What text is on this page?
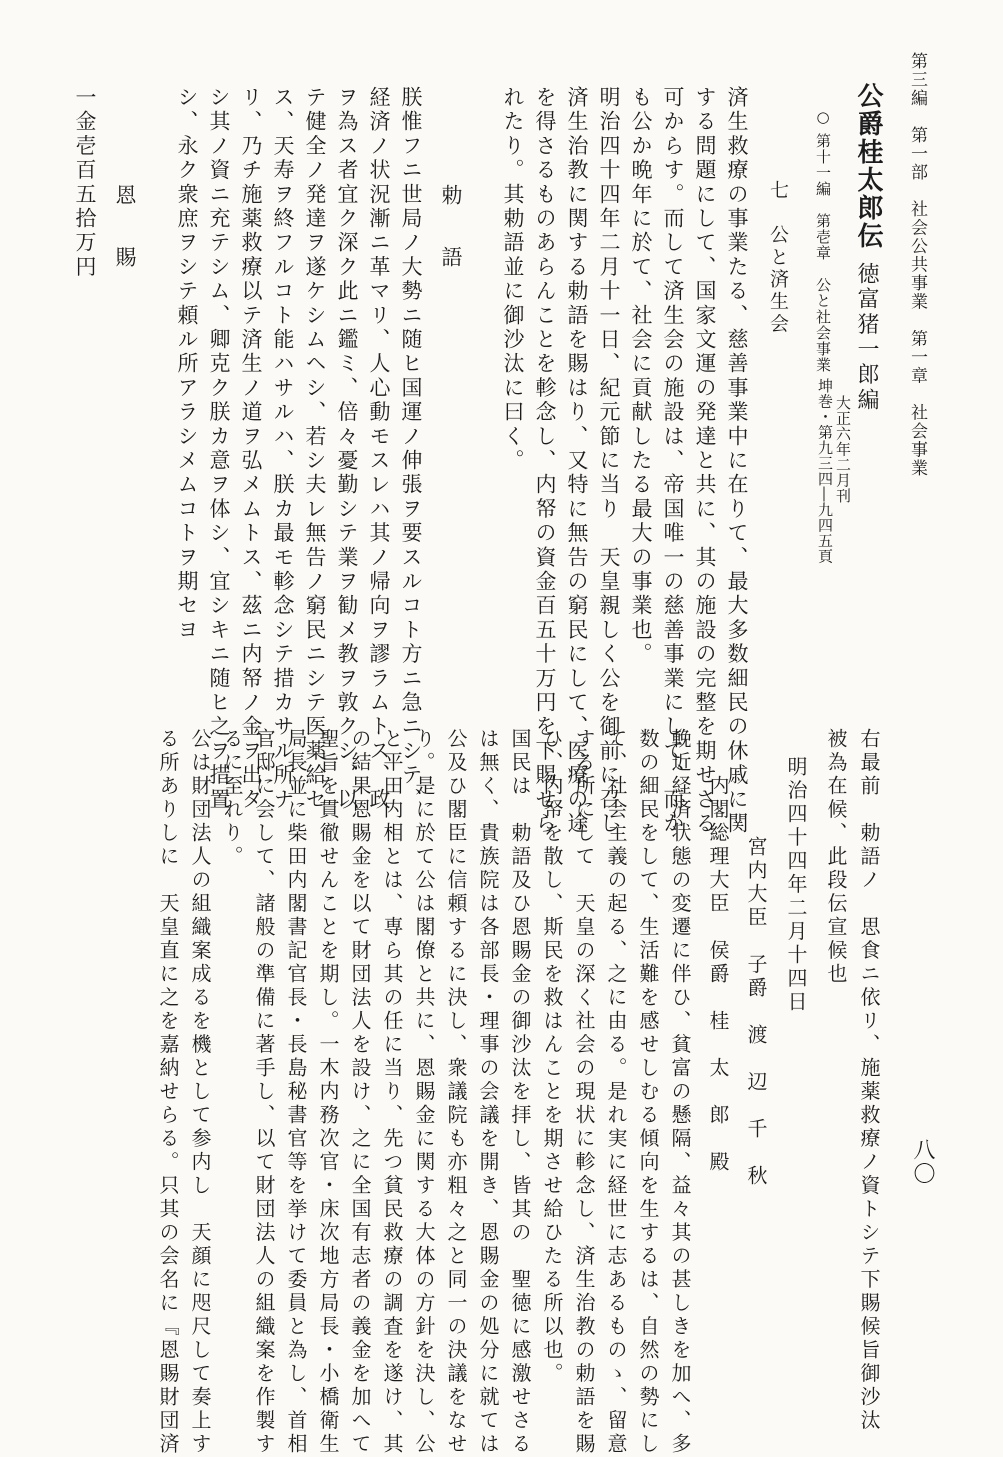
第三編　第一部　社会公共事業　第一章　社会事業
八〇
公爵桂太郎伝
徳富猪一郎編
坤巻・第九三四―九四五頁 大正六年二月刊
○ 第十一編　第壱章　公と社会事業
七　公と済生会
済生救療の事業たる、慈善事業中に在りて、最大多数細民の休戚に関
する問題にして、国家文運の発達と共に、其の施設の完整を期せさる
可からす。而して済生会の施設は、帝国唯一の慈善事業にして、而か
も公か晩年に於て、社会に貢献したる最大の事業也。
明治四十四年二月十一日、紀元節に当り　天皇親しく公を御前に召し
済生治教に関する勅語を賜はり、又特に無告の窮民にして、医療の途
を得さるものあらんことを軫念し、内帑の資金百五十万円を下賜せら
れたり。其勅語並に御沙汰に曰く。
勅　語
朕惟フニ世局ノ大勢ニ随ヒ国運ノ伸張ヲ要スルコト方ニ急ニシテ、
経済ノ状況漸ニ革マリ、人心動モスレハ其ノ帰向ヲ謬ラムトス、政
ヲ為ス者宜ク深ク此ニ鑑ミ、倍々憂勤シテ業ヲ勧メ教ヲ敦クシ、以
テ健全ノ発達ヲ遂ケシムヘシ、若シ夫レ無告ノ窮民ニシテ医薬給セ
ス、天寿ヲ終フルコト能ハサルハ、朕カ最モ軫念シテ措カサル所ナ
リ、乃チ施薬救療以テ済生ノ道ヲ弘メムトス、茲ニ内帑ノ金ヲ出タ
シ其ノ資ニ充テシム、卿克ク朕カ意ヲ体シ、宜シキニ随ヒ之ヲ措置
シ、永ク衆庶ヲシテ頼ル所アラシメムコトヲ期セヨ
恩　賜
一金壱百五拾万円
右最前　勅語ノ　思食ニ依リ、施薬救療ノ資トシテ下賜候旨御沙汰
被為在候、此段伝宣候也
明治四十四年二月十四日
宮内大臣　子爵　渡　辺　千　秋
内閣総理大臣　侯爵　桂　太　郎　殿
輓近経済状態の変遷に伴ひ、貧富の懸隔、益々其の甚しきを加へ、多
数の細民をして、生活難を感せしむる傾向を生するは、自然の勢にし
て、社会主義の起る、之に由る。是れ実に経世に志あるものゝ、留意
する所にして　天皇の深く社会の現状に軫念し、済生治教の勅語を賜
ひ、内帑を散し、斯民を救はんことを期させ給ひたる所以也。
国民は　勅語及ひ恩賜金の御沙汰を拝し、皆其の　聖徳に感激せさる
は無く、貴族院は各部長・理事の会議を開き、恩賜金の処分に就ては
公及ひ閣臣に信頼するに決し、衆議院も亦粗々之と同一の決議をなせ
り。是に於て公は閣僚と共に、恩賜金に関する大体の方針を決し、公
と平田内相とは、専ら其の任に当り、先つ貧民救療の調査を遂け、其
の結果恩賜金を以て財団法人を設け、之に全国有志者の義金を加へて
聖旨を貫徹せんことを期し。一木内務次官・床次地方局長・小橋衛生
局長並に柴田内閣書記官長・長島秘書官等を挙けて委員と為し、首相
官邸に会して、諸般の準備に著手し、以て財団法人の組織案を作製す
るに至れり。
公は財団法人の組織案成るを機として参内し　天顔に咫尺して奏上す
る所ありしに　天皇直に之を嘉納せらる。只其の会名に『恩賜財団済
